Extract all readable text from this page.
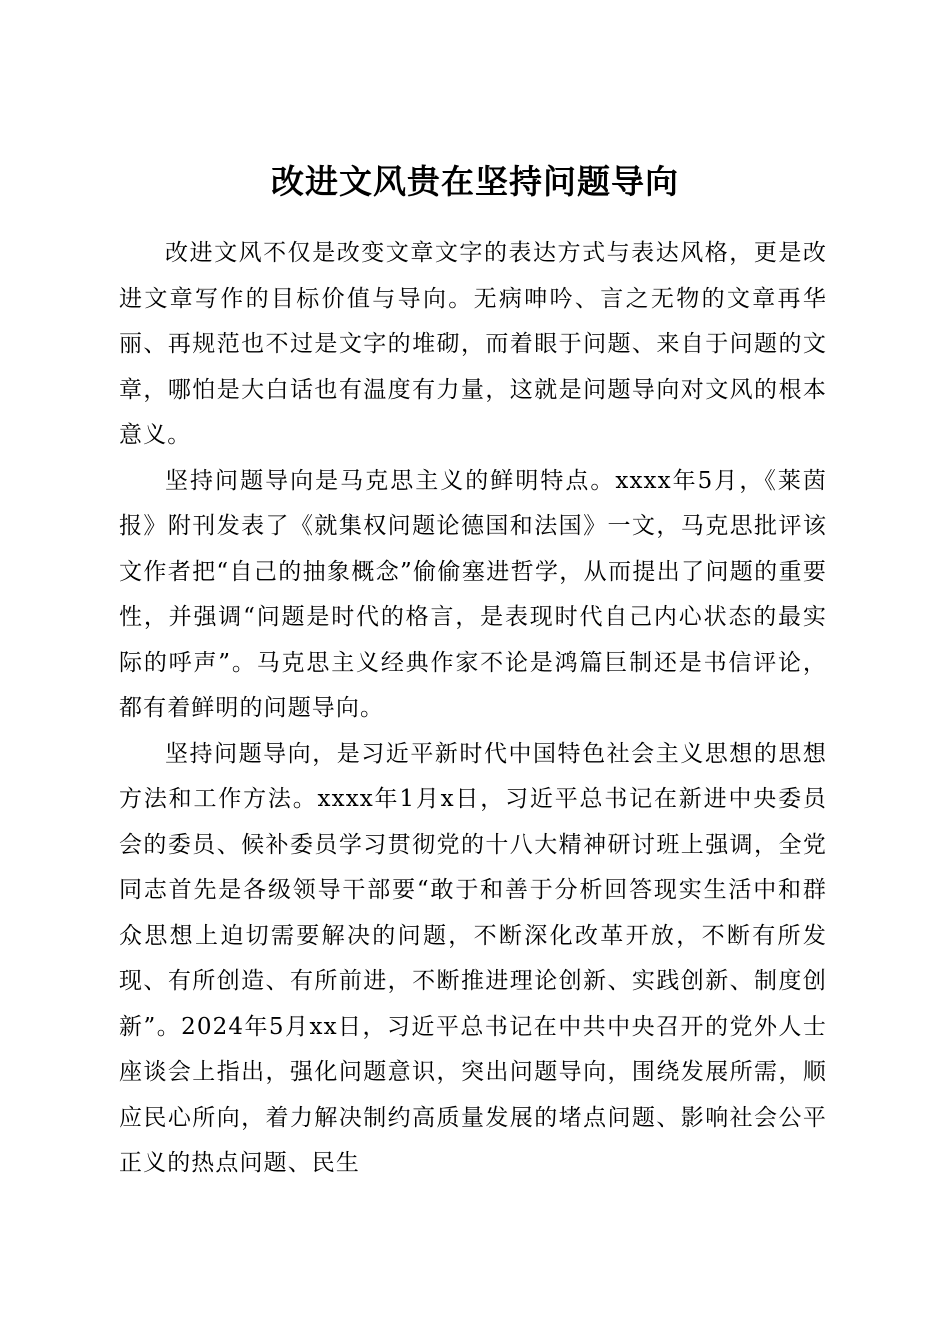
改进文风贵在坚持问题导向

改进文风不仅是改变文章文字的表达方式与表达风格，更是改进文章写作的目标价值与导向。无病呻吟、言之无物的文章再华丽、再规范也不过是文字的堆砌，而着眼于问题、来自于问题的文章，哪怕是大白话也有温度有力量，这就是问题导向对文风的根本意义。

坚持问题导向是马克思主义的鲜明特点。xxxx年5月，《莱茵报》附刊发表了《就集权问题论德国和法国》一文，马克思批评该文作者把“自己的抽象概念”偷偷塞进哲学，从而提出了问题的重要性，并强调“问题是时代的格言，是表现时代自己内心状态的最实际的呼声”。马克思主义经典作家不论是鸿篇巨制还是书信评论，都有着鲜明的问题导向。

坚持问题导向，是习近平新时代中国特色社会主义思想的思想方法和工作方法。xxxx年1月x日，习近平总书记在新进中央委员会的委员、候补委员学习贯彻党的十八大精神研讨班上强调，全党同志首先是各级领导干部要“敢于和善于分析回答现实生活中和群众思想上迫切需要解决的问题，不断深化改革开放，不断有所发现、有所创造、有所前进，不断推进理论创新、实践创新、制度创新”。2024年5月xx日，习近平总书记在中共中央召开的党外人士座谈会上指出，强化问题意识，突出问题导向，围绕发展所需，顺应民心所向，着力解决制约高质量发展的堵点问题、影响社会公平正义的热点问题、民生
